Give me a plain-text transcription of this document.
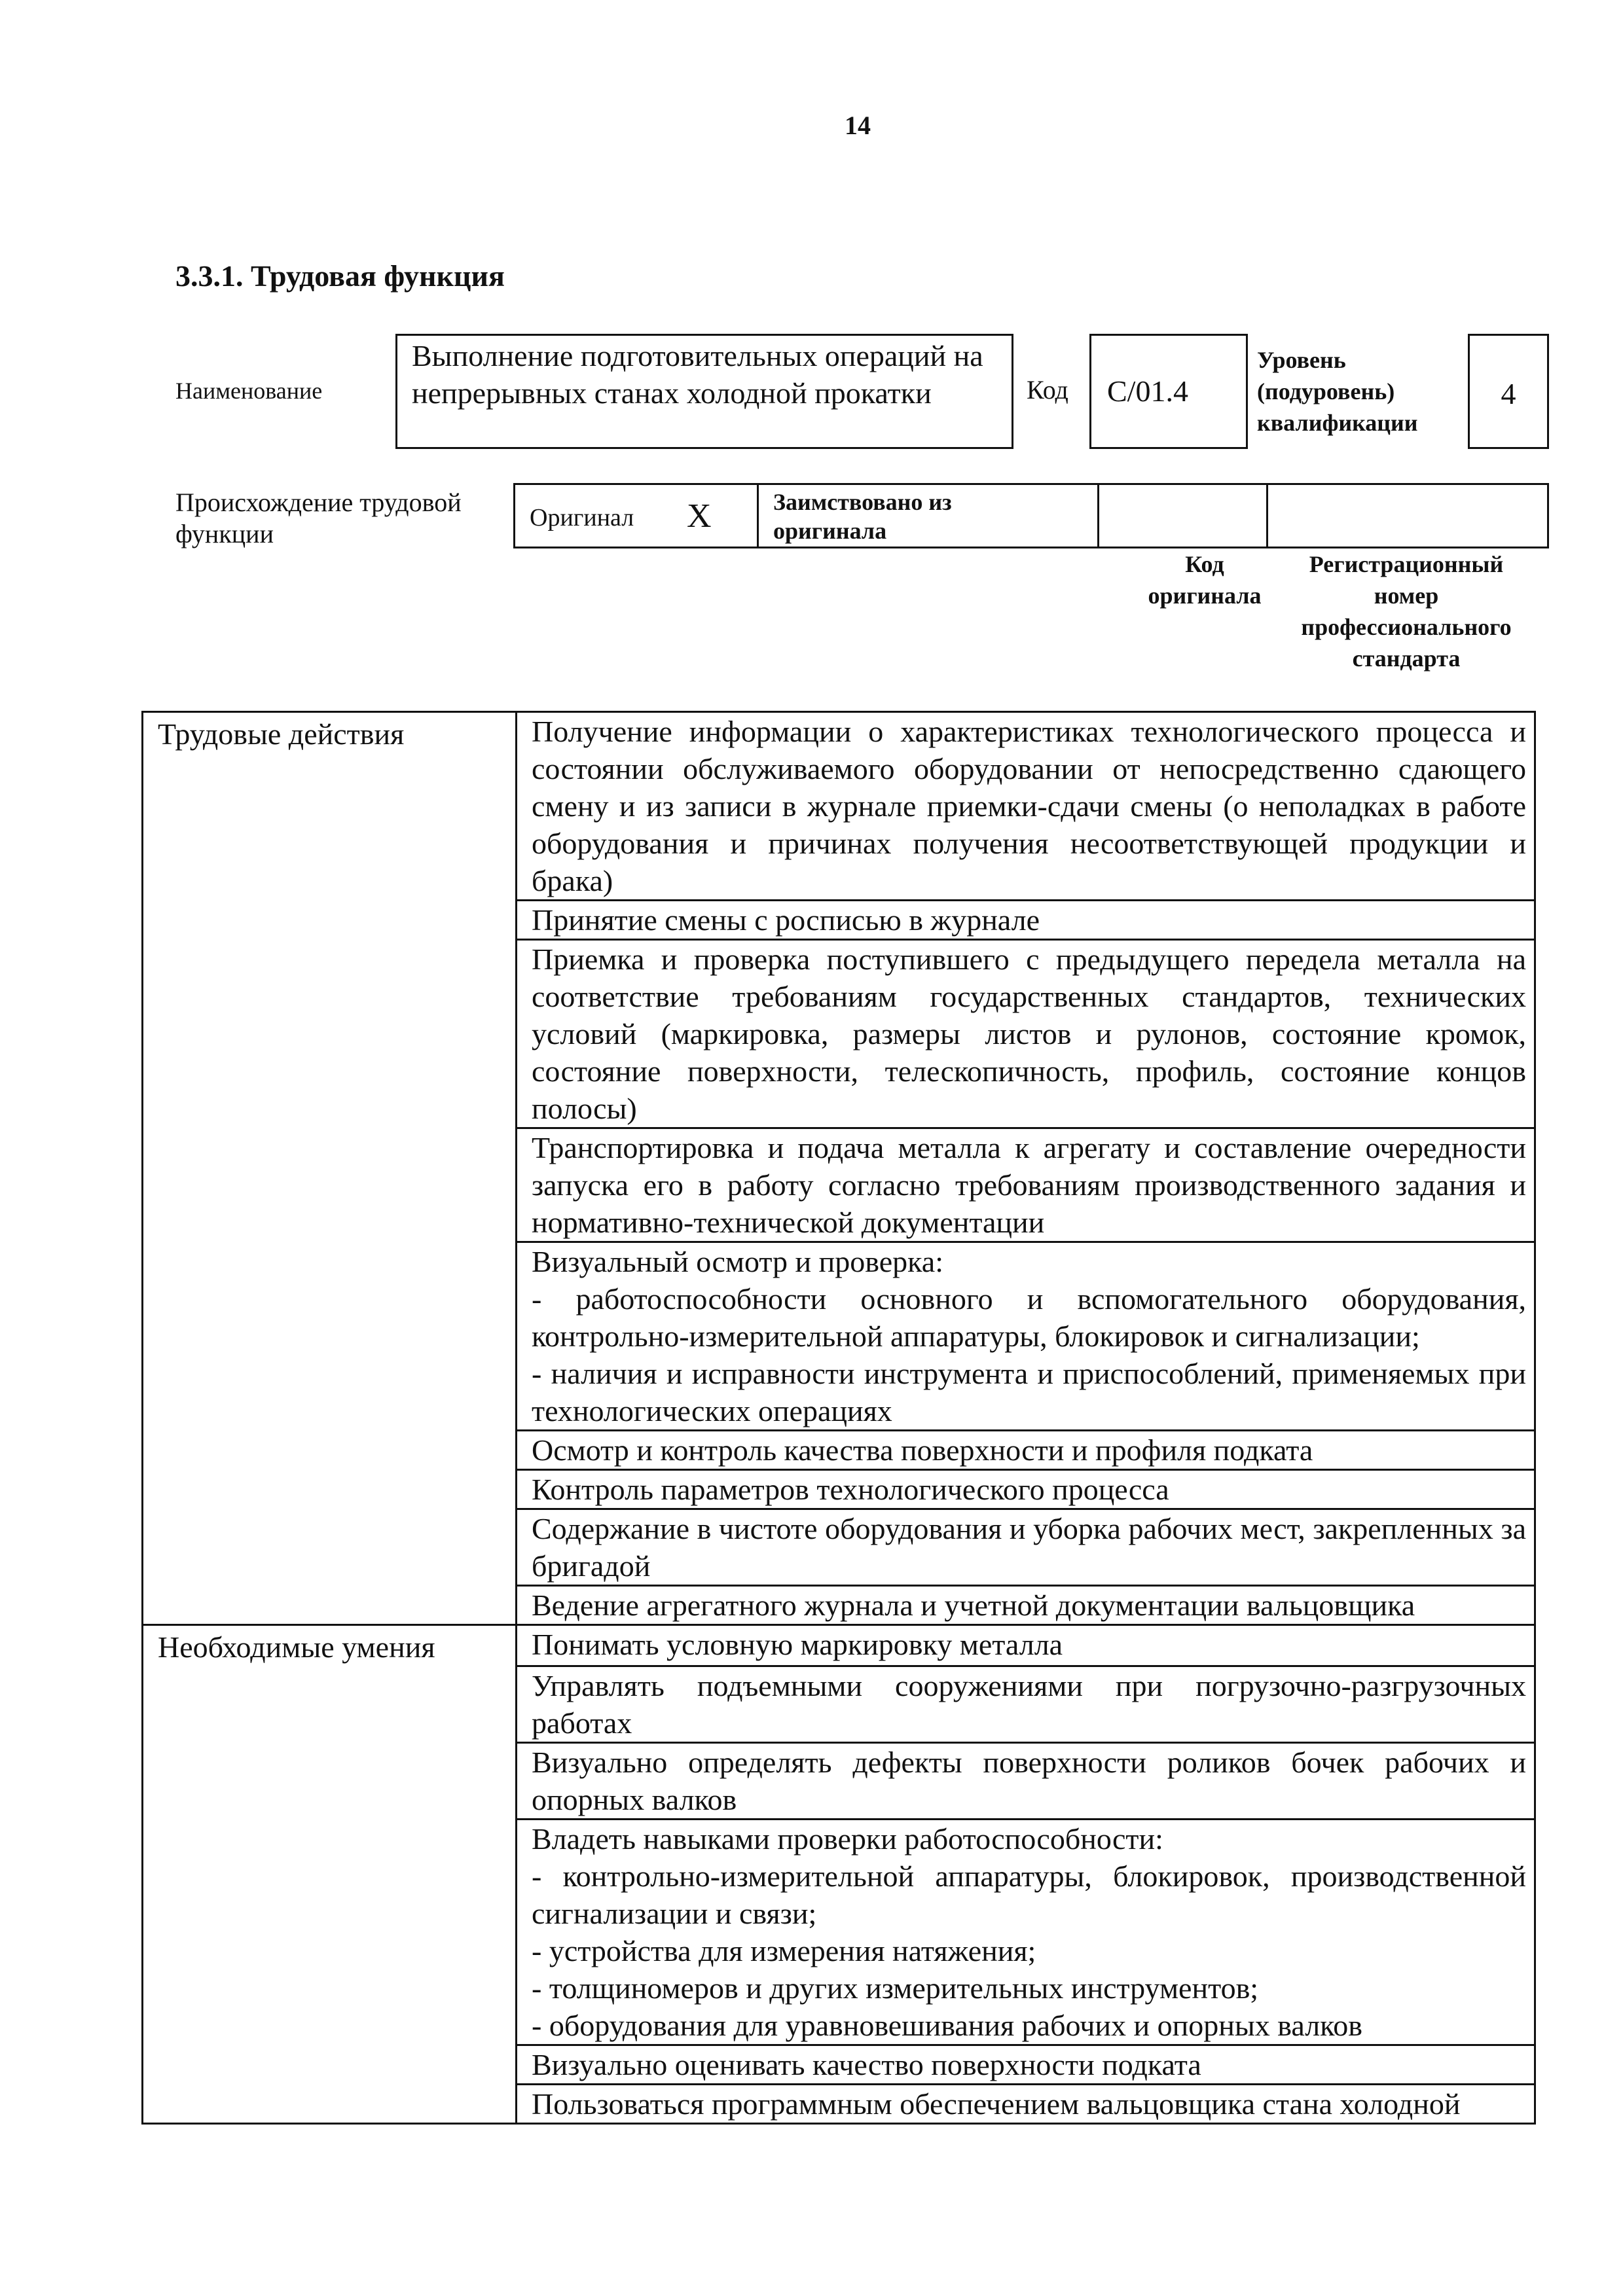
14
3.3.1. Трудовая функция
Наименование
Выполнение подготовительных операций на непрерывных станах холодной прокатки	Код	С/01.4
Уровень
(подуровень)
квалификации
4
Происхождение трудовой
функции
Оригинал X	Заимствовано из
оригинала
Код
оригинала
Регистрационный
номер
профессионального
стандарта
Трудовые действия	Получение информации о характеристиках технологического процесса и состоянии обслуживаемого оборудовании от непосредственно сдающего смену и из записи в журнале приемки-сдачи смены (о неполадках в работе оборудования и причинах получения несоответствующей продукции и брака)
	Принятие смены с росписью в журнале
	Приемка и проверка поступившего с предыдущего передела металла на соответствие требованиям государственных стандартов, технических условий (маркировка, размеры листов и рулонов, состояние кромок, состояние поверхности, телескопичность, профиль, состояние концов полосы)
	Транспортировка и подача металла к агрегату и составление очередности запуска его в работу согласно требованиям производственного задания и нормативно-технической документации
	Визуальный осмотр и проверка:
- работоспособности основного и вспомогательного оборудования, контрольно-измерительной аппаратуры, блокировок и сигнализации;
- наличия и исправности инструмента и приспособлений, применяемых при технологических операциях
	Осмотр и контроль качества поверхности и профиля подката
	Контроль параметров технологического процесса
	Содержание в чистоте оборудования и уборка рабочих мест, закрепленных за бригадой
	Ведение агрегатного журнала и учетной документации вальцовщика
Необходимые умения	Понимать условную маркировку металла
	Управлять подъемными сооружениями при погрузочно-разгрузочных работах
	Визуально определять дефекты поверхности роликов бочек рабочих и опорных валков
	Владеть навыками проверки работоспособности:
- контрольно-измерительной аппаратуры, блокировок, производственной сигнализации и связи;
- устройства для измерения натяжения;
- толщиномеров и других измерительных инструментов;
- оборудования для уравновешивания рабочих и опорных валков
	Визуально оценивать качество поверхности подката
	Пользоваться программным обеспечением вальцовщика стана холодной
